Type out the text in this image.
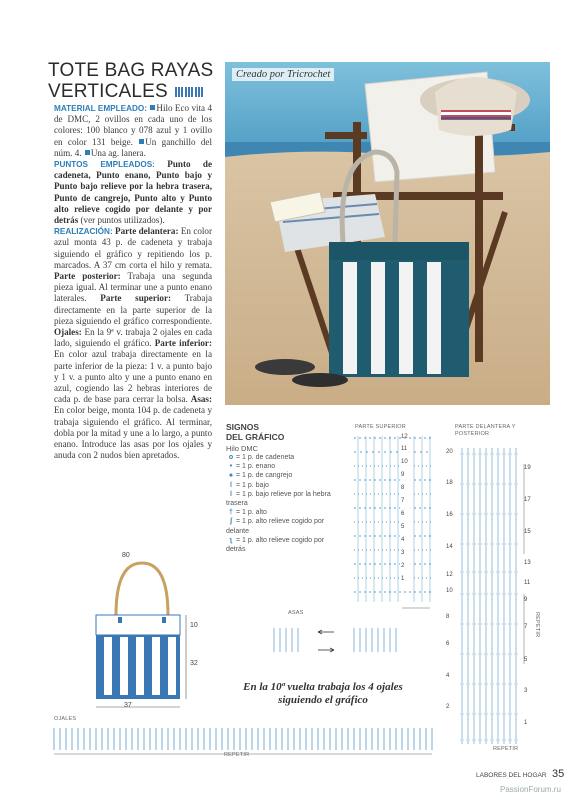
TOTE BAG RAYAS VERTICALES
MATERIAL EMPLEADO: Hilo Eco vita 4 de DMC, 2 ovillos en cada uno de los colores: 100 blanco y 078 azul y 1 ovillo en color 131 beige. Un ganchillo del núm. 4. Una ag. lanera.
PUNTOS EMPLEADOS: Punto de cadeneta, Punto enano, Punto bajo y Punto bajo relieve por la hebra trasera, Punto de cangrejo, Punto alto y Punto alto relieve cogido por delante y por detrás (ver puntos utilizados).
REALIZACIÓN: Parte delantera: En color azul monta 43 p. de cadeneta y trabaja siguiendo el gráfico y repitiendo los p. marcados. A 37 cm corta el hilo y remata. Parte posterior: Trabaja una segunda pieza igual. Al terminar une a punto enano laterales. Parte superior: Trabaja directamente en la parte superior de la pieza siguiendo el gráfico correspondiente. Ojales: En la 9ª v. trabaja 2 ojales en cada lado, siguiendo el gráfico. Parte inferior: En color azul trabaja directamente en la parte inferior de la pieza: 1 v. a punto bajo y 1 v. a punto alto y une a punto enano en azul, cogiendo las 2 hebras interiores de cada p. de base para cerrar la bolsa. Asas: En color beige, monta 104 p. de cadeneta y trabaja siguiendo el gráfico. Al terminar, dobla por la mitad y une a lo largo, a punto enano. Introduce las asas por los ojales y anuda con 2 nudos bien apretados.
Creado por Tricrochet
SIGNOS
DEL GRÁFICO
Hilo DMC
o = 1 p. de cadeneta
• = 1 p. enano
♠ = 1 p. de cangrejo
ǀ = 1 p. bajo
ǀ = 1 p. bajo relieve por la hebra trasera
† = 1 p. alto
ʃ = 1 p. alto relieve cogido por delante
ʅ = 1 p. alto relieve cogido por detrás
PARTE SUPERIOR
12
11
10
9
8
7
6
5
4
3
2
1
PARTE DELANTERA Y POSTERIOR
20
18
16
14
12
10
8
6
4
2
19
17
15
13
11
9
7
5
3
1
REPETIR
REPETIR
80
10
32
37
ASAS
En la 10ª vuelta trabaja los 4 ojales siguiendo el gráfico
OJALES
REPETIR
LABORES DEL HOGAR 35
PassionForum.ru
